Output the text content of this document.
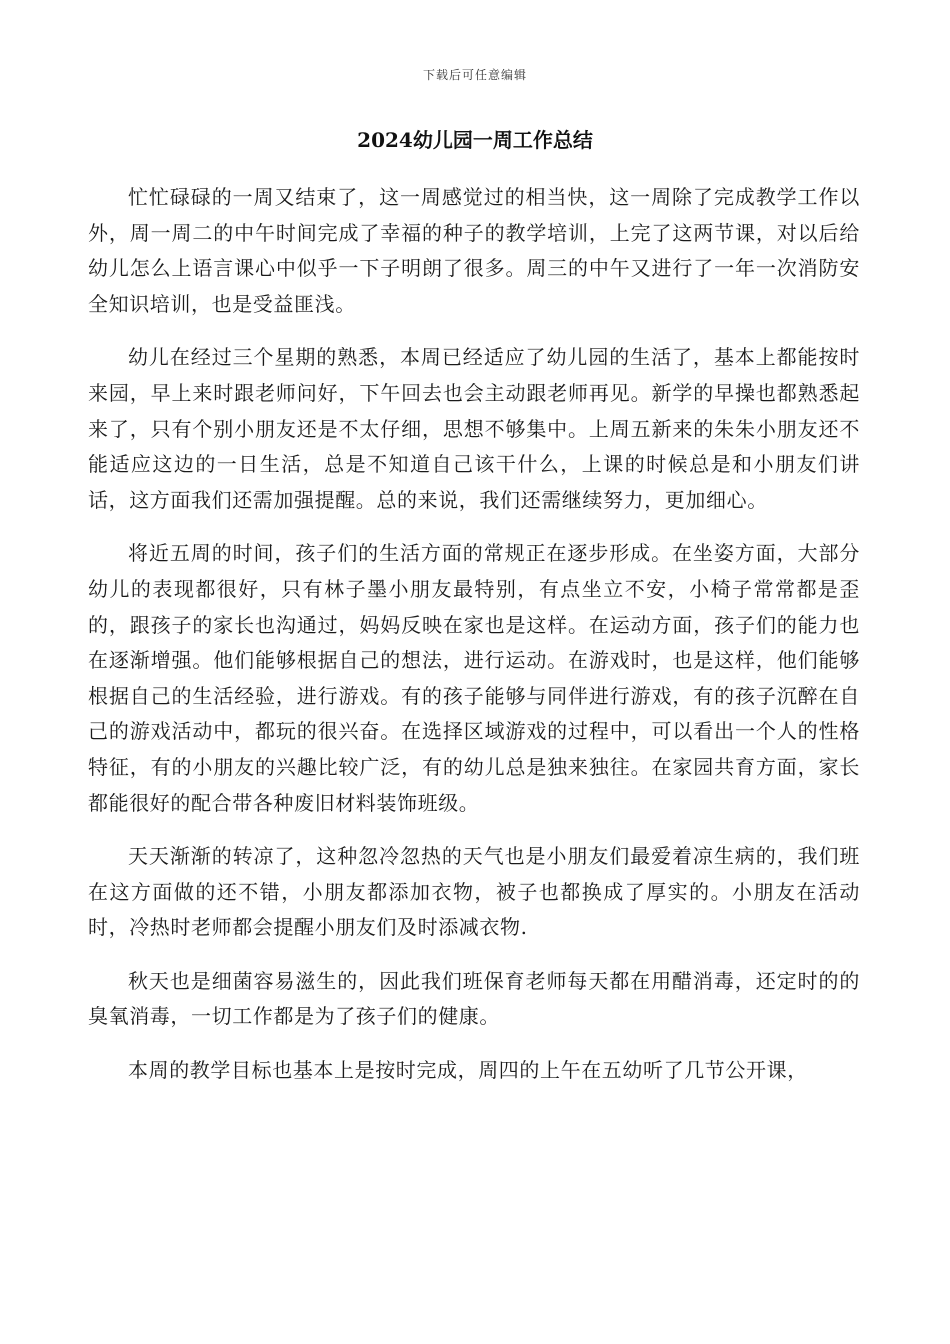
下载后可任意编辑
2024幼儿园一周工作总结

忙忙碌碌的一周又结束了，这一周感觉过的相当快，这一周除了完成教学工作以外，周一周二的中午时间完成了幸福的种子的教学培训，上完了这两节课，对以后给幼儿怎么上语言课心中似乎一下子明朗了很多。周三的中午又进行了一年一次消防安全知识培训，也是受益匪浅。

幼儿在经过三个星期的熟悉，本周已经适应了幼儿园的生活了，基本上都能按时来园，早上来时跟老师问好，下午回去也会主动跟老师再见。新学的早操也都熟悉起来了，只有个别小朋友还是不太仔细，思想不够集中。上周五新来的朱朱小朋友还不能适应这边的一日生活，总是不知道自己该干什么，上课的时候总是和小朋友们讲话，这方面我们还需加强提醒。总的来说，我们还需继续努力，更加细心。

将近五周的时间，孩子们的生活方面的常规正在逐步形成。在坐姿方面，大部分幼儿的表现都很好，只有林子墨小朋友最特别，有点坐立不安，小椅子常常都是歪的，跟孩子的家长也沟通过，妈妈反映在家也是这样。在运动方面，孩子们的能力也在逐渐增强。他们能够根据自己的想法，进行运动。在游戏时，也是这样，他们能够根据自己的生活经验，进行游戏。有的孩子能够与同伴进行游戏，有的孩子沉醉在自己的游戏活动中，都玩的很兴奋。在选择区域游戏的过程中，可以看出一个人的性格特征，有的小朋友的兴趣比较广泛，有的幼儿总是独来独往。在家园共育方面，家长都能很好的配合带各种废旧材料装饰班级。

天天渐渐的转凉了，这种忽冷忽热的天气也是小朋友们最爱着凉生病的，我们班在这方面做的还不错，小朋友都添加衣物，被子也都换成了厚实的。小朋友在活动时，冷热时老师都会提醒小朋友们及时添减衣物.

秋天也是细菌容易滋生的，因此我们班保育老师每天都在用醋消毒，还定时的的臭氧消毒，一切工作都是为了孩子们的健康。

本周的教学目标也基本上是按时完成，周四的上午在五幼听了几节公开课，
